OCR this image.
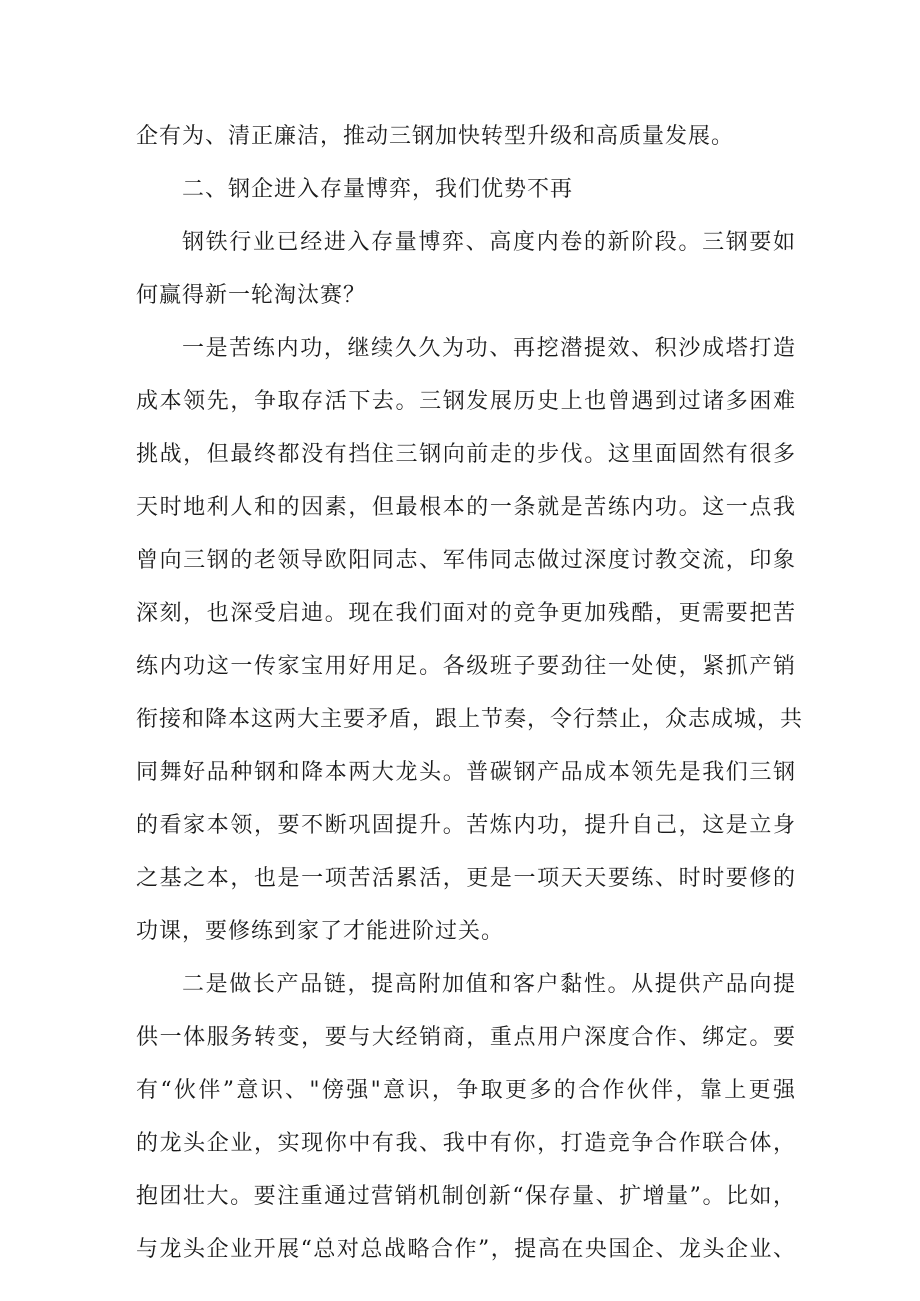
企有为、清正廉洁，推动三钢加快转型升级和高质量发展。
二、钢企进入存量博弈，我们优势不再
钢铁行业已经进入存量博弈、高度内卷的新阶段。三钢要如
何赢得新一轮淘汰赛？
一是苦练内功，继续久久为功、再挖潜提效、积沙成塔打造
成本领先，争取存活下去。三钢发展历史上也曾遇到过诸多困难
挑战，但最终都没有挡住三钢向前走的步伐。这里面固然有很多
天时地利人和的因素，但最根本的一条就是苦练内功。这一点我
曾向三钢的老领导欧阳同志、军伟同志做过深度讨教交流，印象
深刻，也深受启迪。现在我们面对的竞争更加残酷，更需要把苦
练内功这一传家宝用好用足。各级班子要劲往一处使，紧抓产销
衔接和降本这两大主要矛盾，跟上节奏，令行禁止，众志成城，共
同舞好品种钢和降本两大龙头。普碳钢产品成本领先是我们三钢
的看家本领，要不断巩固提升。苦炼内功，提升自己，这是立身
之基之本，也是一项苦活累活，更是一项天天要练、时时要修的
功课，要修练到家了才能进阶过关。
二是做长产品链，提高附加值和客户黏性。从提供产品向提
供一体服务转变，要与大经销商，重点用户深度合作、绑定。要
有“伙伴”意识、"傍强"意识，争取更多的合作伙伴，靠上更强
的龙头企业，实现你中有我、我中有你，打造竞争合作联合体，
抱团壮大。要注重通过营销机制创新“保存量、扩增量”。比如，
与龙头企业开展“总对总战略合作”，提高在央国企、龙头企业、
